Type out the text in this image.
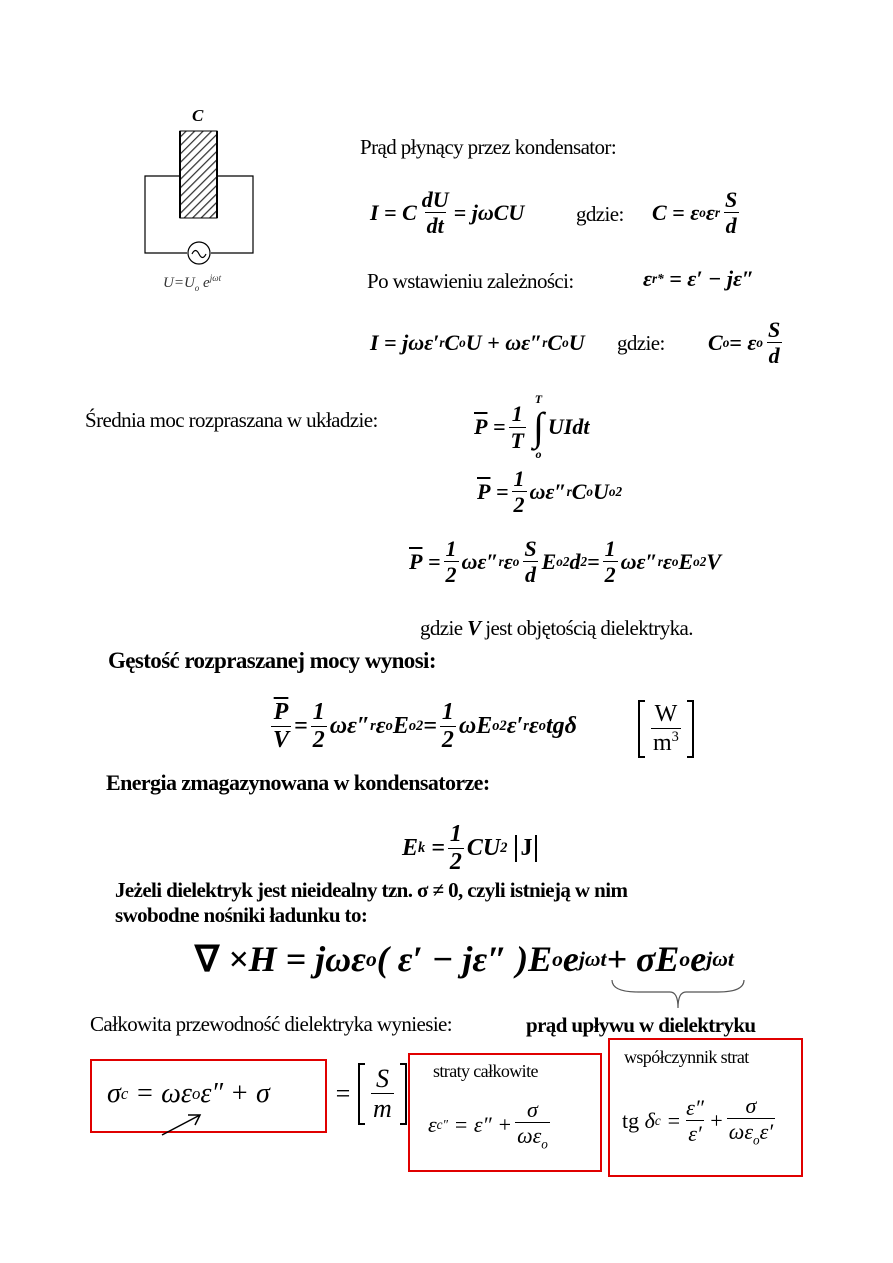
C
$U=U_o$ $e^{j\omega t}$
Prąd płynący przez kondensator:
I = C $\frac{dU}{dt} = j\omega CU$ gdzie: C = ε o ε r $\frac{S}{d}$
Po wstawieniu zależności:	ε r * = ε′ − jε″
I = jωε′ r C o U + ωε″ r C o U gdzie: C o = ε o $\frac{S}{d}$
Średnia moc rozpraszana w układzie:	$\overline{P} = \frac{1}{T}$
T
∫
o
UIdt
$\overline{P} = \frac{1}{2} \omega\varepsilon''$ r C o U o 2
$\overline{P} = \frac{1}{2} \omega\varepsilon''$ r ε o $\frac{S}{d}$ E o 2 d $2 = \frac{1}{2} \omega\varepsilon''$ r ε o E o 2 V
gdzie V jest objętością dielektryka.
Gęstość rozpraszanej mocy wynosi:
$\frac{\overline{P}}{V} = \frac{1}{2} \omega\varepsilon''$ r ε o E o $2 = \frac{1}{2}$ ωE o 2 ε′ r ε o tgδ	$\frac{W}{m^3}$
Energia zmagazynowana w kondensatorze:
E $k = \frac{1}{2}$ CU 2 J
Jeżeli dielektryk jest nieidealny tzn. σ ≠ 0, czyli istnieją w nim
swobodne nośniki ładunku to:
∇ ×H = jωε o ( ε′ − jε″ )E o e jωt + σE o e jωt
Całkowita przewodność dielektryka wyniesie:	prąd upływu w dielektryku
σ c = ωε o $\varepsilon'' + \sigma = \frac{S}{m}$ straty całkowite
ε c ″ = $\varepsilon'' + \frac{\sigma}{\omega\varepsilon_o}$
współczynnik strat
tg δ $c = \frac{\varepsilon''}{\varepsilon'} + \frac{\sigma}{\omega\varepsilon_o\varepsilon'}$
